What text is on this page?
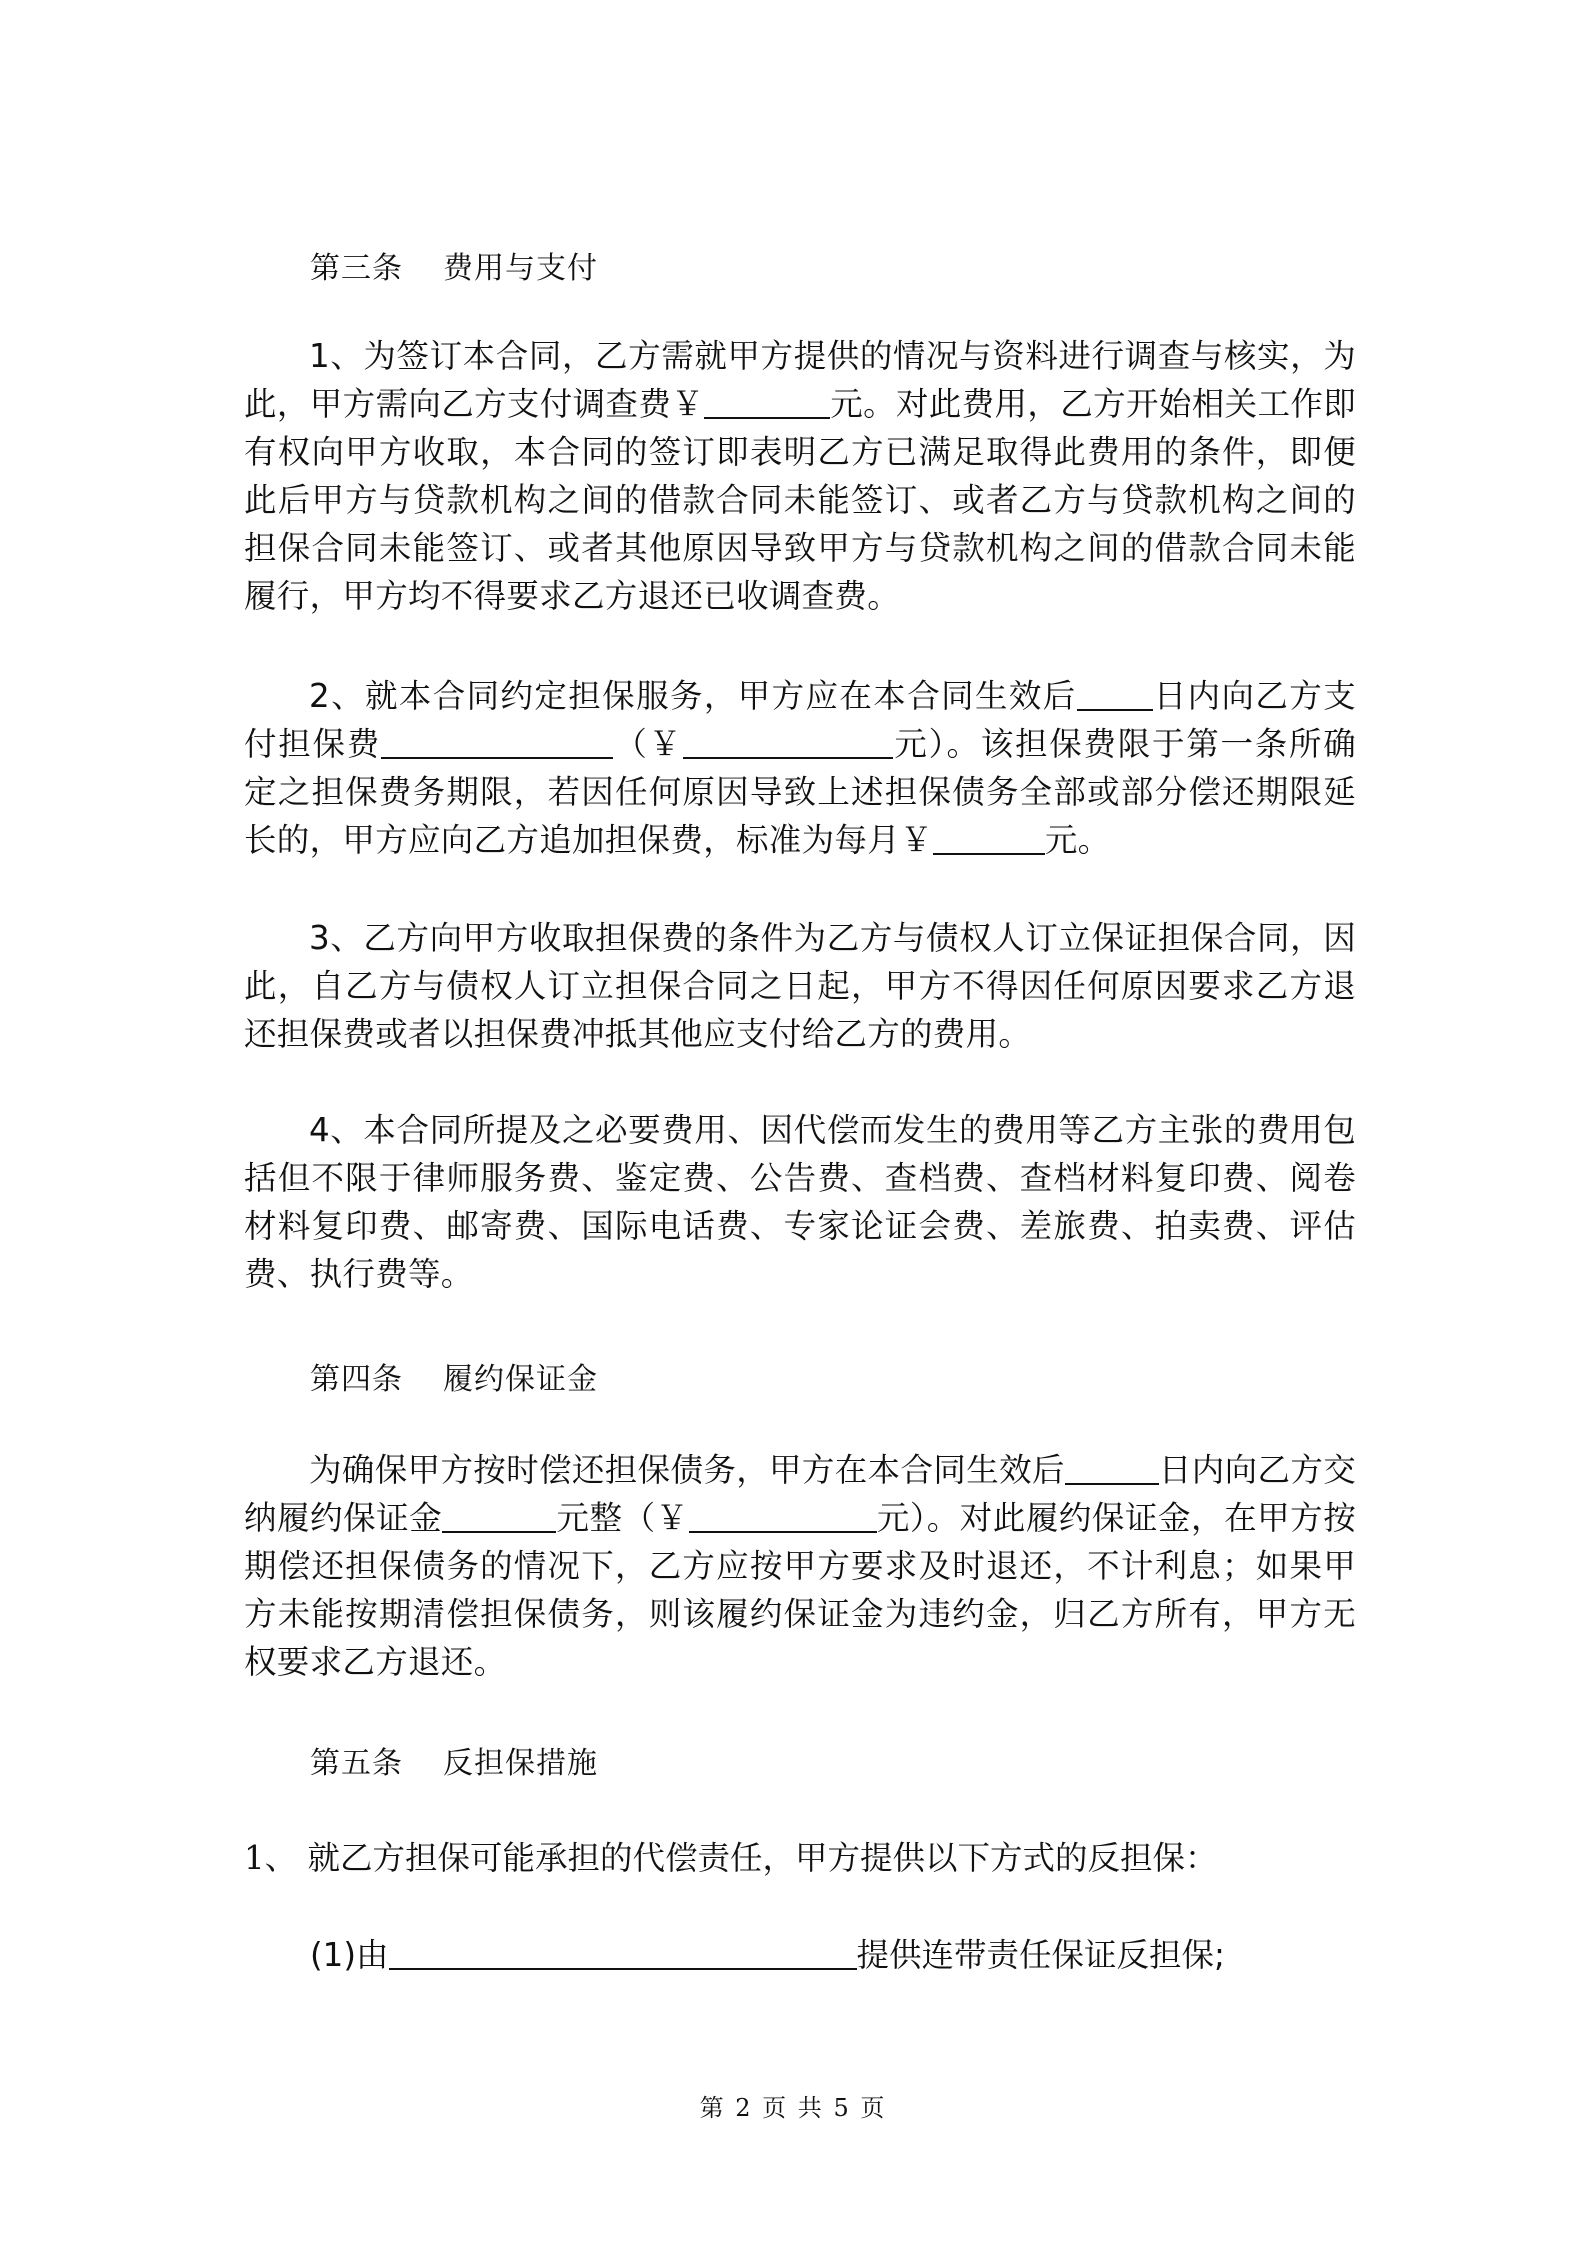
第三条 费用与支付
1、为签订本合同，乙方需就甲方提供的情况与资料进行调查与核实，为此，甲方需向乙方支付调查费￥	元。对此费用，乙方开始相关工作即有权向甲方收取，本合同的签订即表明乙方已满足取得此费用的条件，即便此后甲方与贷款机构之间的借款合同未能签订、或者乙方与贷款机构之间的担保合同未能签订、或者其他原因导致甲方与贷款机构之间的借款合同未能履行，甲方均不得要求乙方退还已收调查费。
2、就本合同约定担保服务，甲方应在本合同生效后 日内向乙方支付担保费	（￥	元）。该担保费限于第一条所确定之担保费务期限，若因任何原因导致上述担保债务全部或部分偿还期限延长的，甲方应向乙方追加担保费，标准为每月￥	元。
3、乙方向甲方收取担保费的条件为乙方与债权人订立保证担保合同，因此，自乙方与债权人订立担保合同之日起，甲方不得因任何原因要求乙方退还担保费或者以担保费冲抵其他应支付给乙方的费用。
4、本合同所提及之必要费用、因代偿而发生的费用等乙方主张的费用包括但不限于律师服务费、鉴定费、公告费、查档费、查档材料复印费、阅卷材料复印费、邮寄费、国际电话费、专家论证会费、差旅费、拍卖费、评估费、执行费等。
第四条 履约保证金
为确保甲方按时偿还担保债务，甲方在本合同生效后	日内向乙方交纳履约保证金	元整（￥	元）。对此履约保证金，在甲方按期偿还担保债务的情况下，乙方应按甲方要求及时退还，不计利息；如果甲方未能按期清偿担保债务，则该履约保证金为违约金，归乙方所有，甲方无权要求乙方退还。
第五条 反担保措施
1、 就乙方担保可能承担的代偿责任，甲方提供以下方式的反担保：
(1)由	提供连带责任保证反担保;
第 2 页 共 5 页
